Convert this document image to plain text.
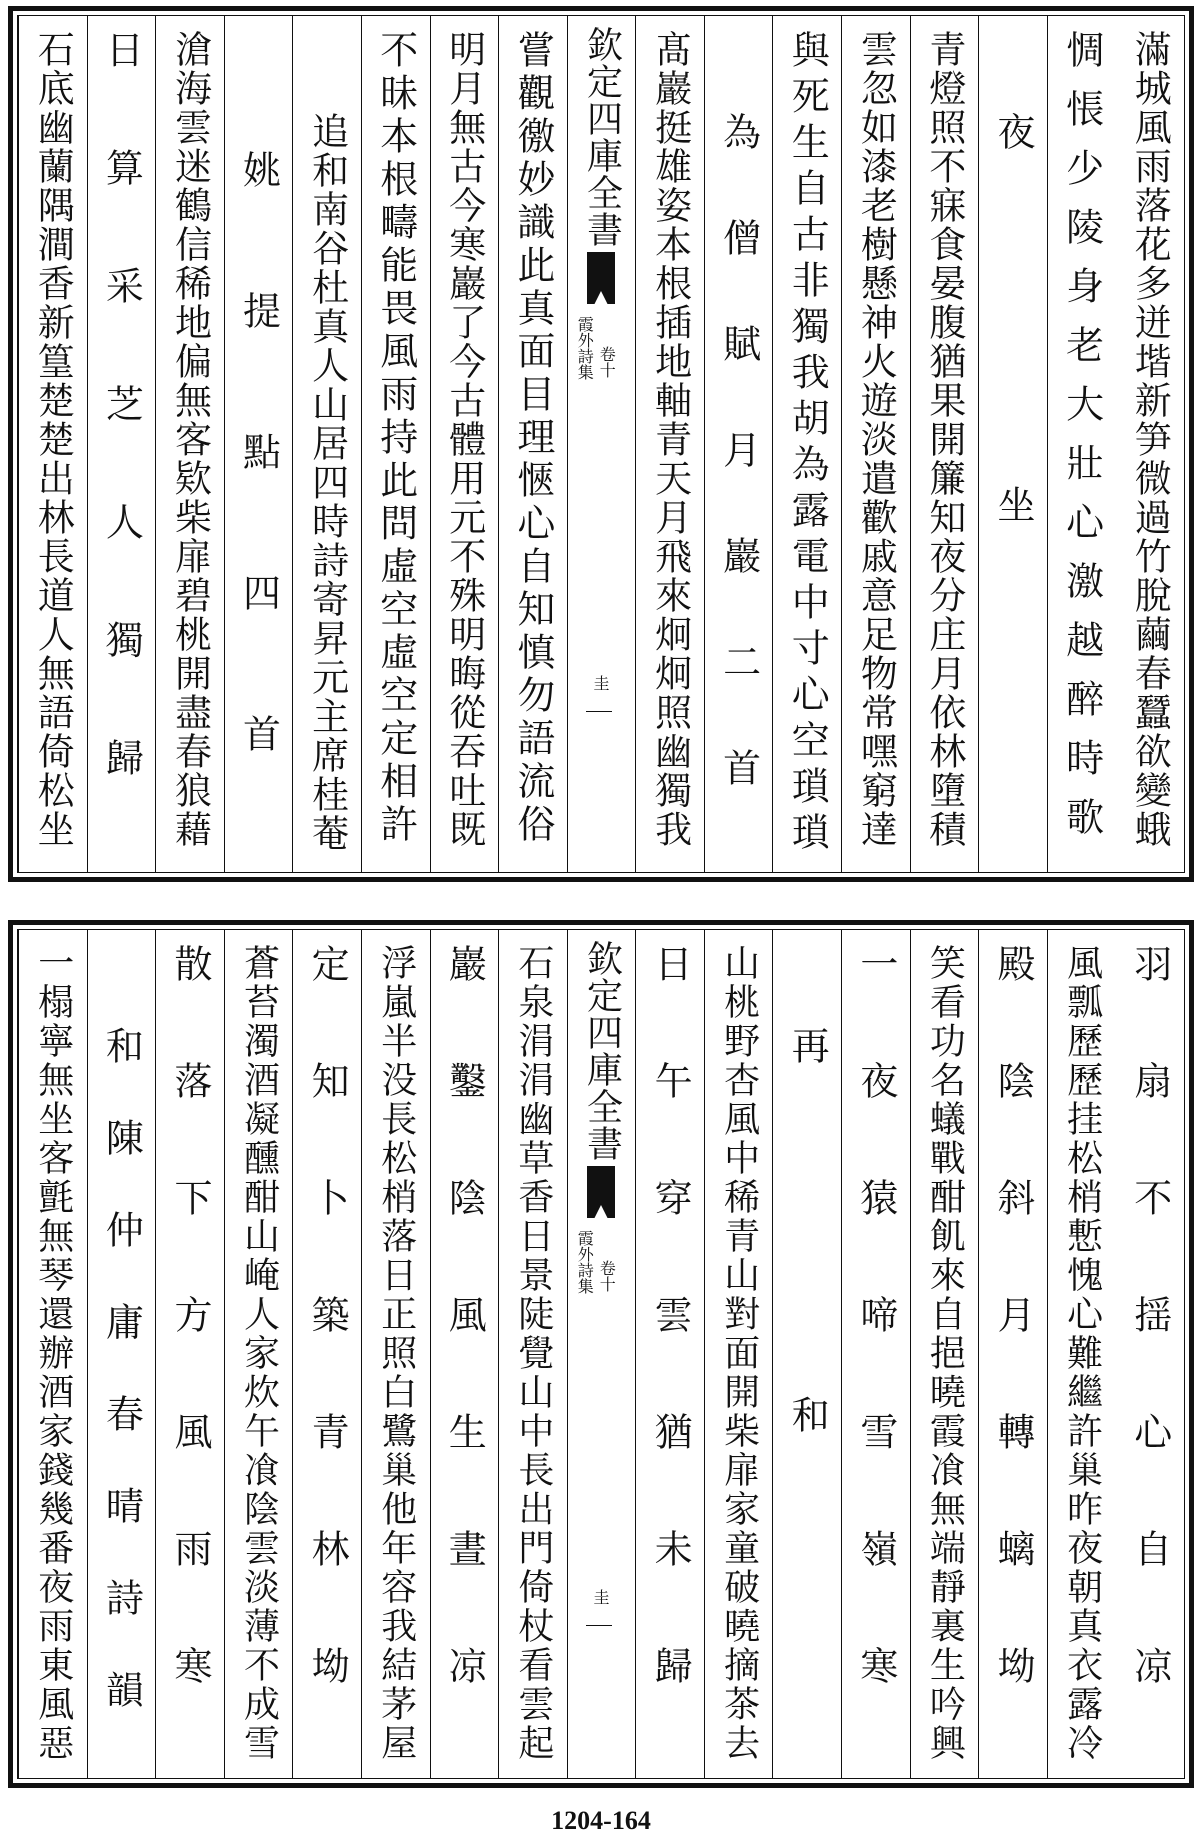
滿城風雨落花多迸堦新笋微過竹脫繭春蠶欲變蛾
惆悵少陵身老大壯心激越醉時歌
夜坐
青燈照不寐食晏腹猶果開簾知夜分庄月依林墮積
雲忽如漆老樹懸神火遊淡遣歡戚意足物常嘿窮達
與死生自古非獨我胡為露電中寸心空瑣瑣
為僧賦月巖二首
髙巖挺雄姿本根插地軸青天月飛來炯炯照幽獨我
欽定四庫全書
霞外詩集 卷十
圭
嘗觀徼妙識此真面目理愜心自知慎勿語流俗
明月無古今寒巖了今古體用元不殊明晦從吞吐既
不昧本根疇能畏風雨持此問虛空虛空定相許
追和南谷杜真人山居四時詩寄昇元主席桂菴
姚提點四首
滄海雲迷鶴信稀地偏無客欵柴扉碧桃開盡春狼藉
日算采芝人獨歸
石底幽蘭隅澗香新篁楚楚出林長道人無語倚松坐
羽扇不揺心自凉
風瓢歷歷挂松梢慙愧心難繼許巢昨夜朝真衣露冷
殿陰斜月轉螭坳
笑看功名蟻戰酣飢來自挹曉霞飡無端靜裏生吟興
一夜猿啼雪嶺寒
再和
山桃野杏風中稀青山對面開柴扉家童破曉摘茶去
日午穿雲猶未歸
欽定四庫全書
霞外詩集 卷十
圭
石泉涓涓幽草香日景陡覺山中長出門倚杖看雲起
巖鑿陰風生晝凉
浮嵐半没長松梢落日正照白鷺巢他年容我結茅屋
定知卜築青林坳
蒼苔濁酒凝醺酣山崦人家炊午飡陰雲淡薄不成雪
散落下方風雨寒
和陳仲庸春晴詩韻
一榻寧無坐客氈無琴還辦酒家錢幾番夜雨東風惡
1204-164
